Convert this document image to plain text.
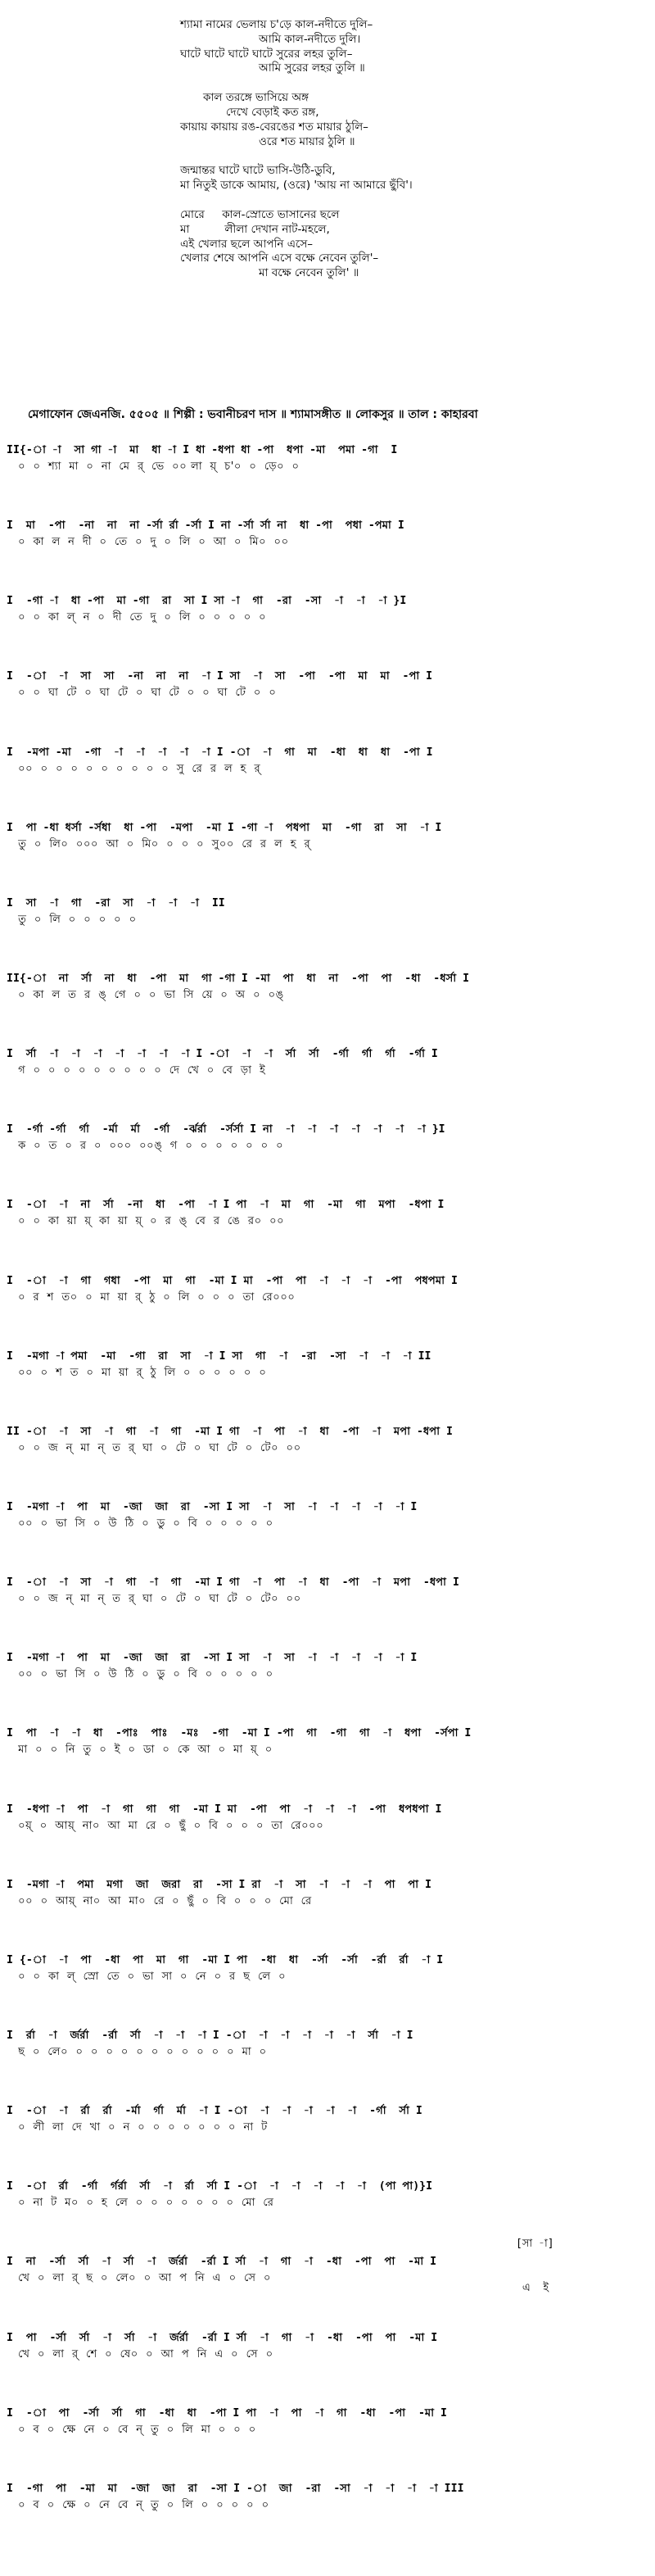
শ্যামা নামের ভেলায় চ'ড়ে কাল-নদীতে দুলি–
আমি কাল-নদীতে দুলি।
ঘাটে ঘাটে ঘাটে ঘাটে সুরের লহর তুলি–
আমি সুরের লহর তুলি ॥
কাল তরঙ্গে ভাসিয়ে অঙ্গ
দেখে বেড়াই কত রঙ্গ,
কায়ায় কায়ায় রঙ-বেরঙের শত মায়ার ঠুলি–
ওরে শত মায়ার ঠুলি ॥
জন্মান্তর ঘাটে ঘাটে ভাসি-উঠি-ডুবি,
মা নিতুই ডাকে আমায়, (ওরে) 'আয় না আমারে ছুঁবি'।
মোরে     কাল-স্রোতে ভাসানের ছলে
মা          লীলা দেখান নাট-মহলে,
এই খেলার ছলে আপনি এসে–
খেলার শেষে আপনি এসে বক্ষে নেবেন তুলি'–
মা বক্ষে নেবেন তুলি' ॥
মেগাফোন জেএনজি. ৫৫০৫ ॥ শিল্পী : ভবানীচরণ দাস ॥ শ্যামাসঙ্গীত ॥ লোকসুর ॥ তাল : কাহারবা
II{-া -া  সা গা -া  মা  ধা -া I ধা -ধপা ধা -পা  ধপা -মা  পমা -গা  I
০  ০  শ্যা  মা  ০  না  মে  র্  ভে  ০০ লা  য়্  চ'০  ০  ড়ে০  ০
I  মা  -পা  -না  না  না -র্সা র্রা -র্সা I না -র্সা র্সা না  ধা -পা  পধা -পমা I
০  কা  ল  ন  দী  ০  তে  ০  দু  ০  লি  ০  আ  ০  মি০  ০০
I  -গা -া  ধা -পা  মা -গা  রা  সা I সা -া  গা  -রা  -সা  -া  -া  -া }I
০  ০  কা  ল্  ন  ০  দী  তে  দু  ০  লি  ০  ০  ০  ০  ০
I  -া  -া  সা  সা  -না  না  না  -া I সা  -া  সা  -পা  -পা  মা  মা  -পা I
০  ০  ঘা  টে  ০  ঘা  টে  ০  ঘা  টে  ০  ০  ঘা  টে  ০  ০
I  -মপা -মা  -গা  -া  -া  -া  -া  -া I -া  -া  গা  মা  -ধা  ধা  ধা  -পা I
০০  ০  ০  ০  ০  ০  ০  ০  ০  ০  সু  রে  র  ল  হ  র্
I  পা -ধা ধর্সা -র্সধা  ধা -পা  -মপা  -মা I -গা -া  পধপা  মা  -গা  রা  সা  -া I
তু  ০  লি০  ০০০  আ  ০  মি০  ০  ০  ০  সু০০  রে  র  ল  হ  র্
I  সা  -া  গা  -রা  সা  -া  -া  -া  II
তু  ০  লি  ০  ০  ০  ০  ০
II{-া  না  র্সা  না  ধা  -পা  মা  গা -গা I -মা  পা  ধা  না  -পা  পা  -ধা  -ধর্সা I
০  কা  ল  ত  র  ঙ্  গে  ০  ০  ভা  সি  য়ে  ০  অ  ০  ০ঙ্
I  র্সা  -া  -া  -া  -া  -া  -া  -া I -া  -া  -া  র্সা  র্সা  -র্গা  র্গা  র্গা  -র্গা I
গ  ০  ০  ০  ০  ০  ০  ০  ০  ০  দে  খে  ০  বে  ড়া  ই
I  -র্গা -র্গা  র্গা  -র্মা  র্মা  -র্গা  -র্ঝর্রা  -র্সর্সা I না  -া  -া  -া  -া  -া  -া  -া }I
ক  ০  ত  ০  র  ০  ০০০  ০০ঙ্  গ  ০  ০  ০  ০  ০  ০  ০
I  -া  -া  না  র্সা  -না  ধা  -পা  -া I পা  -া  মা  গা  -মা  গা  মপা  -ধপা I
০  ০  কা  য়া  য়্  কা  য়া  য়্  ০  র  ঙ্  বে  র  ঙে  র০  ০০
I  -া  -া  গা  গধা  -পা  মা  গা  -মা I মা  -পা  পা  -া  -া  -া  -পা  পধপমা I
০  র  শ  ত০  ০  মা  য়া  র্  ঠু  ০  লি  ০  ০  ০  তা  রে০০০
I  -মগা -া পমা  -মা  -গা  রা  সা  -া I সা  গা  -া  -রা  -সা  -া  -া  -া II
০০  ০  শ  ত  ০  মা  য়া  র্  ঠু  লি  ০  ০  ০  ০  ০  ০
II -া  -া  সা  -া  গা  -া  গা  -মা I গা  -া  পা  -া  ধা  -পা  -া  মপা -ধপা I
০  ০  জ  ন্  মা  ন্  ত  র্  ঘা  ০  টে  ০  ঘা  টে  ০  টে০  ০০
I  -মগা -া  পা  মা  -জা  জা  রা  -সা I সা  -া  সা  -া  -া  -া  -া  -া I
০০  ০  ভা  সি  ০  উ  ঠি  ০  ডু  ০  বি  ০  ০  ০  ০  ০
I  -া  -া  সা  -া  গা  -া  গা  -মা I গা  -া  পা  -া  ধা  -পা  -া  মপা  -ধপা I
০  ০  জ  ন্  মা  ন্  ত  র্  ঘা  ০  টে  ০  ঘা  টে  ০  টে০  ০০
I  -মগা -া  পা  মা  -জা  জা  রা  -সা I সা  -া  সা  -া  -া  -া  -া  -া I
০০  ০  ভা  সি  ০  উ  ঠি  ০  ডু  ০  বি  ০  ০  ০  ০  ০
I  পা  -া  -া  ধা  -পাঃ  পাঃ  -মঃ  -গা  -মা I -পা  গা  -গা  গা  -া  ধপা  -র্সপা I
মা  ০  ০  নি  তু  ০  ই  ০  ডা  ০  কে  আ  ০  মা  য়্  ০
I  -ধপা -া  পা  -া  গা  গা  গা  -মা I মা  -পা  পা  -া  -া  -া  -পা  ধপধপা I
০য়্  ০  আয়্  না০  আ  মা  রে  ০  ছুঁ  ০  বি  ০  ০  ০  তা  রে০০০
I  -মগা -া  পমা  মগা  জা  জরা  রা  -সা I রা  -া  সা  -া  -া  -া  পা  পা I
০০  ০  আয়্  না০  আ  মা০  রে  ০  ছুঁ  ০  বি  ০  ০  ০  মো  রে
I {-া  -া  পা  -ধা  পা  মা  গা  -মা I পা  -ধা  ধা  -র্সা  -র্সা  -র্রা  র্রা  -া I
০  ০  কা  ল্  স্রো  তে  ০  ভা  সা  ০  নে  ০  র  ছ  লে  ০
I  র্রা  -া  র্জর্রা  -র্রা  র্সা  -া  -া  -া I -া  -া  -া  -া  -া  -া  র্সা  -া I
ছ  ০  লে০  ০  ০  ০  ০  ০  ০  ০  ০  ০  ০  ০  মা  ০
I  -া  -া  র্রা  র্রা  -র্মা  র্গা  র্মা  -া I -া  -া  -া  -া  -া  -া  -র্গা  র্সা I
০  লী  লা  দে  খা  ০  ন  ০  ০  ০  ০  ০  ০  ০  না  ট
I  -া  র্রা  -র্গা  র্গর্রা  র্সা  -া  র্রা  র্সা I -া  -া  -া  -া  -া  -া  (পা পা)}I
০  না  ট  ম০  ০  হ  লে  ০  ০  ০  ০  ০  ০  ০  মো  রে
I  না  -র্সা  র্সা  -া  র্সা  -া  র্জর্রা  -র্রা I র্সা  -া  গা  -া  -ধা  -পা  পা  -মা I
খে  ০  লা  র্  ছ  ০  লে০  ০  আ  প  নি  এ  ০  সে  ০
I  পা  -র্সা  র্সা  -া  র্সা  -া  র্জর্রা  -র্রা I র্সা  -া  গা  -া  -ধা  -পা  পা  -মা I
খে  ০  লা  র্  শে  ০  ষে০  ০  আ  প  নি  এ  ০  সে  ০
I  -া  পা  -র্সা  র্সা  গা  -ধা  ধা  -পা I পা  -া  পা  -া  গা  -ধা  -পা  -মা I
০  ব  ০  ক্ষে  নে  ০  বে  ন্  তু  ০  লি  মা  ০  ০  ০
I  -গা  পা  -মা  মা  -জা  জা  রা  -সা I -া  জা  -রা  -সা  -া  -া  -া  -া III
০  ব  ০  ক্ষে  ০  নে  বে  ন্  তু  ০  লি  ০  ০  ০  ০  ০

[সা -া]

এ  ই
